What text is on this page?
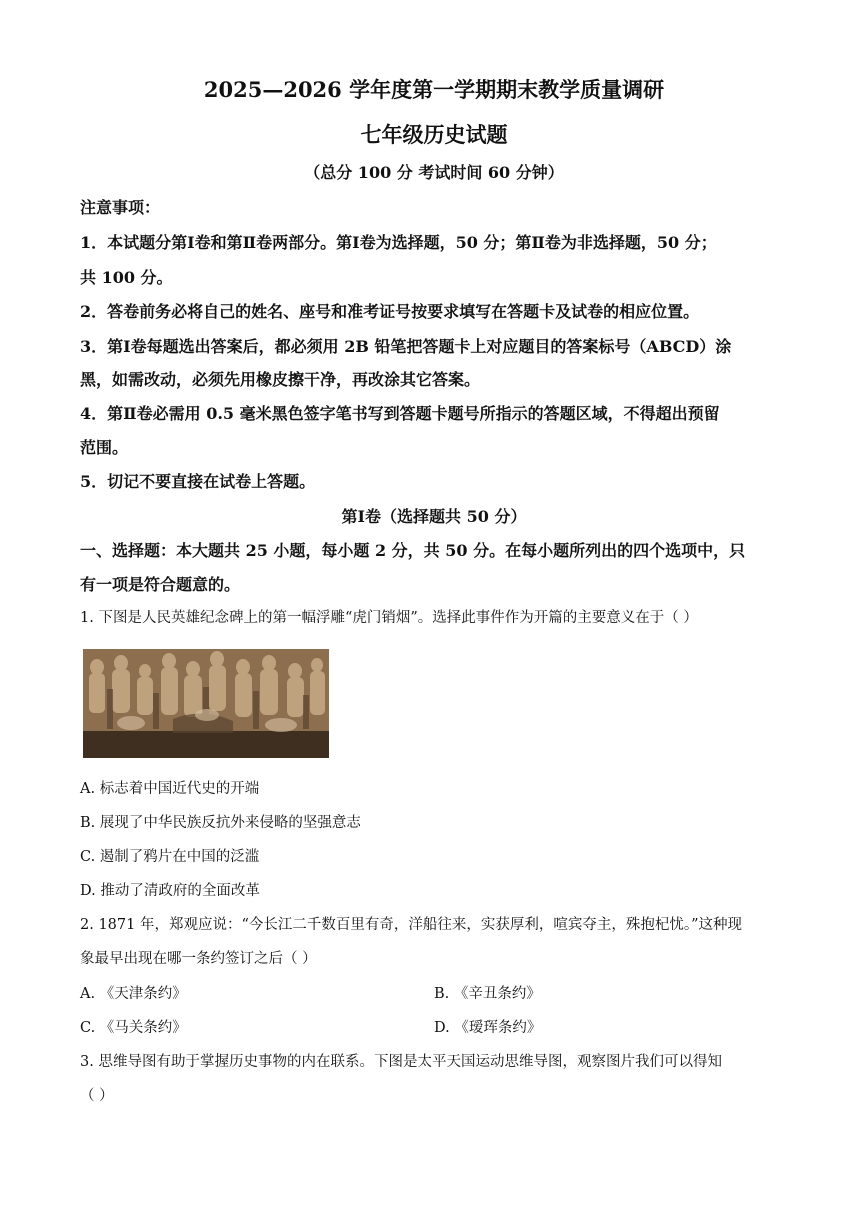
2025—2026 学年度第一学期期末教学质量调研
七年级历史试题
（总分 100 分 考试时间 60 分钟）
注意事项：
1．本试题分第Ⅰ卷和第Ⅱ卷两部分。第Ⅰ卷为选择题，50 分；第Ⅱ卷为非选择题，50 分；
共 100 分。
2．答卷前务必将自己的姓名、座号和准考证号按要求填写在答题卡及试卷的相应位置。
3．第Ⅰ卷每题选出答案后，都必须用 2B 铅笔把答题卡上对应题目的答案标号（ABCD）涂
黑，如需改动，必须先用橡皮擦干净，再改涂其它答案。
4．第Ⅱ卷必需用 0.5 毫米黑色签字笔书写到答题卡题号所指示的答题区域，不得超出预留
范围。
5．切记不要直接在试卷上答题。
第Ⅰ卷（选择题共 50 分）
一、选择题：本大题共 25 小题，每小题 2 分，共 50 分。在每小题所列出的四个选项中，只
有一项是符合题意的。
1. 下图是人民英雄纪念碑上的第一幅浮雕“虎门销烟”。选择此事件作为开篇的主要意义在于（ ）
A. 标志着中国近代史的开端
B. 展现了中华民族反抗外来侵略的坚强意志
C. 遏制了鸦片在中国的泛滥
D. 推动了清政府的全面改革
2. 1871 年，郑观应说：“今长江二千数百里有奇，洋船往来，实获厚利，喧宾夺主，殊抱杞忧。”这种现
象最早出现在哪一条约签订之后（ ）
A. 《天津条约》	B. 《辛丑条约》
C. 《马关条约》	D. 《瑷珲条约》
3. 思维导图有助于掌握历史事物的内在联系。下图是太平天国运动思维导图，观察图片我们可以得知
（ ）
